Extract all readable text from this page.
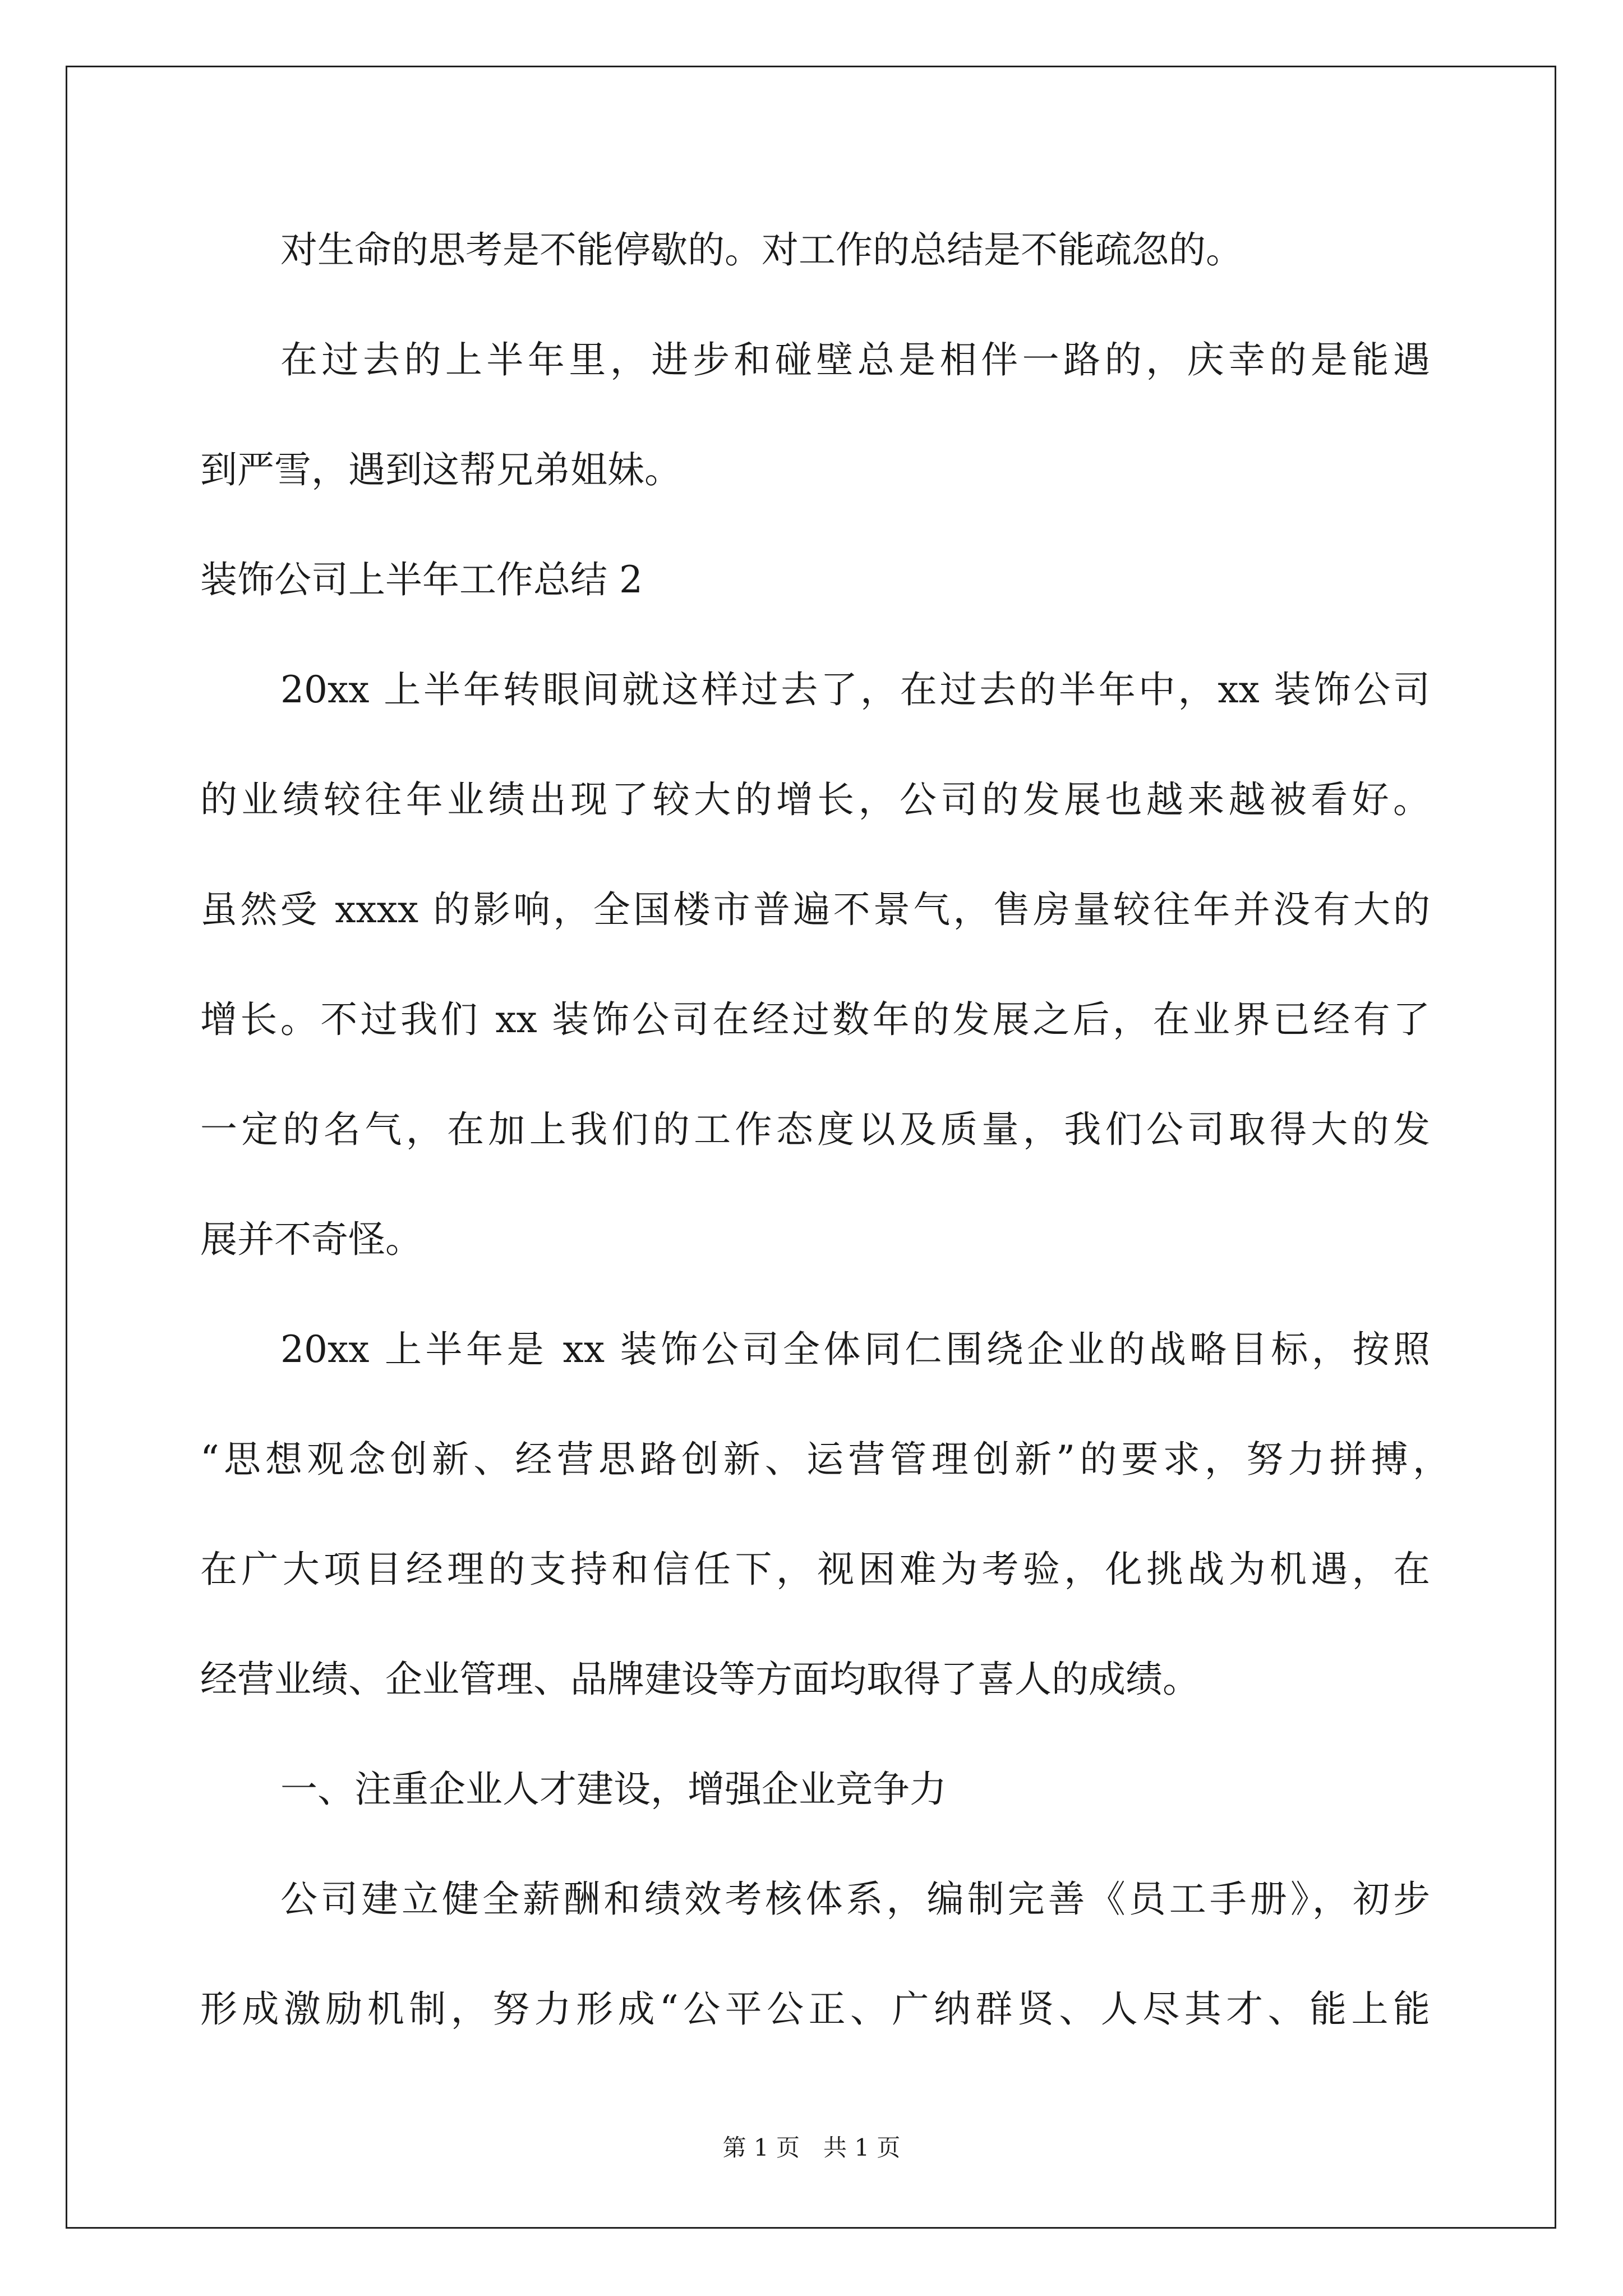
对生命的思考是不能停歇的。对工作的总结是不能疏忽的。
在过去的上半年里，进步和碰壁总是相伴一路的，庆幸的是能遇
到严雪，遇到这帮兄弟姐妹。
装饰公司上半年工作总结 2
20xx 上半年转眼间就这样过去了，在过去的半年中，xx 装饰公司
的业绩较往年业绩出现了较大的增长，公司的发展也越来越被看好。
虽然受 xxxx 的影响，全国楼市普遍不景气，售房量较往年并没有大的
增长。不过我们 xx 装饰公司在经过数年的发展之后，在业界已经有了
一定的名气，在加上我们的工作态度以及质量，我们公司取得大的发
展并不奇怪。
20xx 上半年是 xx 装饰公司全体同仁围绕企业的战略目标，按照
“思想观念创新、经营思路创新、运营管理创新”的要求，努力拼搏，
在广大项目经理的支持和信任下，视困难为考验，化挑战为机遇，在
经营业绩、企业管理、品牌建设等方面均取得了喜人的成绩。
一、注重企业人才建设，增强企业竞争力
公司建立健全薪酬和绩效考核体系，编制完善《员工手册》，初步
形成激励机制，努力形成“公平公正、广纳群贤、人尽其才、能上能
第 1 页　共 1 页
